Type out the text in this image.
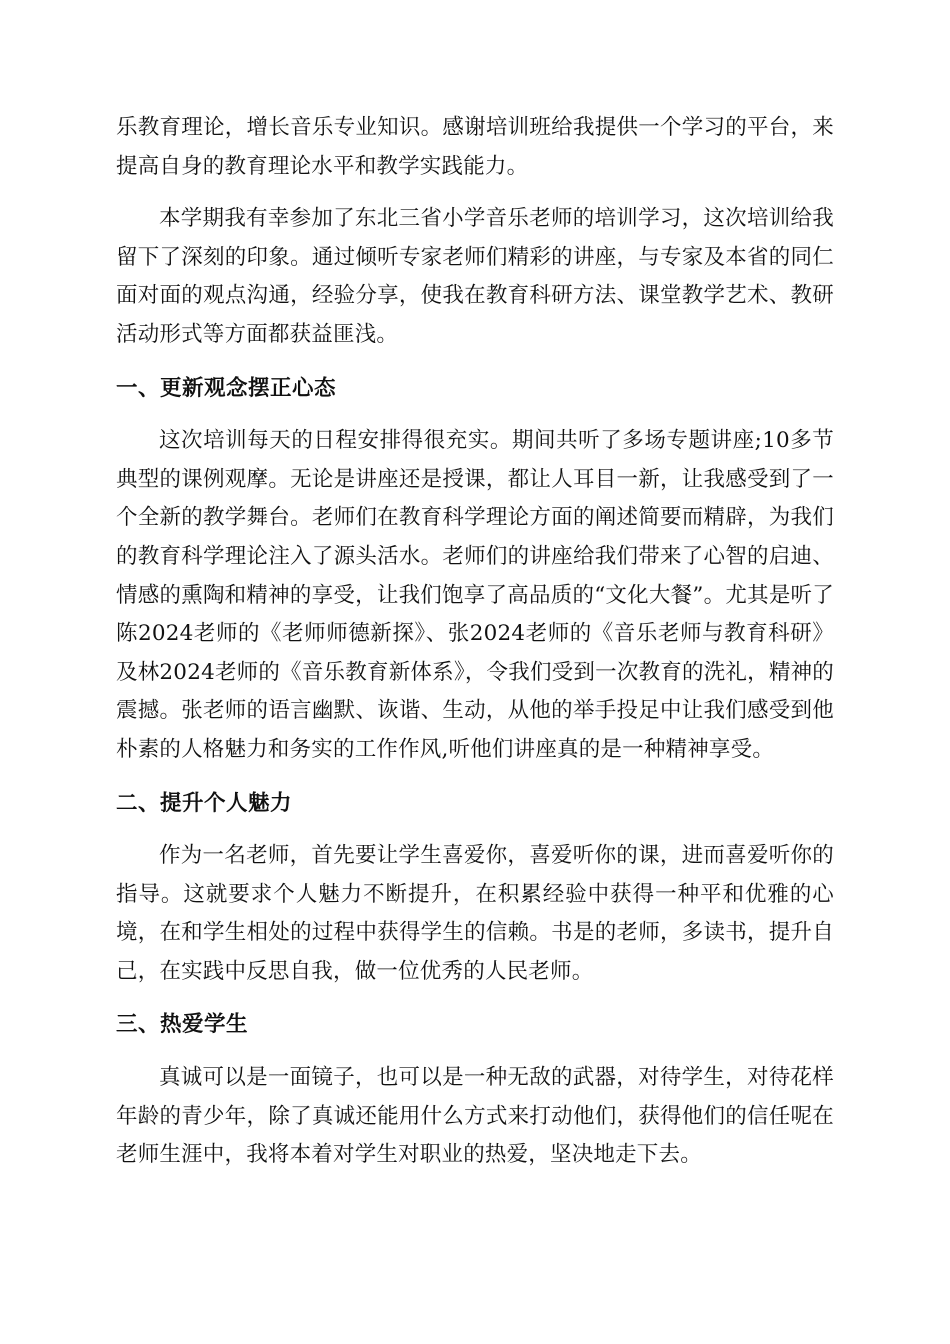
乐教育理论，增长音乐专业知识。感谢培训班给我提供一个学习的平台，来提高自身的教育理论水平和教学实践能力。

本学期我有幸参加了东北三省小学音乐老师的培训学习，这次培训给我留下了深刻的印象。通过倾听专家老师们精彩的讲座，与专家及本省的同仁面对面的观点沟通，经验分享，使我在教育科研方法、课堂教学艺术、教研活动形式等方面都获益匪浅。

一、更新观念摆正心态

这次培训每天的日程安排得很充实。期间共听了多场专题讲座;10多节典型的课例观摩。无论是讲座还是授课，都让人耳目一新，让我感受到了一个全新的教学舞台。老师们在教育科学理论方面的阐述简要而精辟，为我们的教育科学理论注入了源头活水。老师们的讲座给我们带来了心智的启迪、情感的熏陶和精神的享受，让我们饱享了高品质的“文化大餐”。尤其是听了陈2024老师的《老师师德新探》、张2024老师的《音乐老师与教育科研》及林2024老师的《音乐教育新体系》，令我们受到一次教育的洗礼，精神的震撼。张老师的语言幽默、诙谐、生动，从他的举手投足中让我们感受到他朴素的人格魅力和务实的工作作风,听他们讲座真的是一种精神享受。

二、提升个人魅力

作为一名老师，首先要让学生喜爱你，喜爱听你的课，进而喜爱听你的指导。这就要求个人魅力不断提升，在积累经验中获得一种平和优雅的心境，在和学生相处的过程中获得学生的信赖。书是的老师，多读书，提升自己，在实践中反思自我，做一位优秀的人民老师。

三、热爱学生

真诚可以是一面镜子，也可以是一种无敌的武器，对待学生，对待花样年龄的青少年，除了真诚还能用什么方式来打动他们，获得他们的信任呢在老师生涯中，我将本着对学生对职业的热爱，坚决地走下去。
